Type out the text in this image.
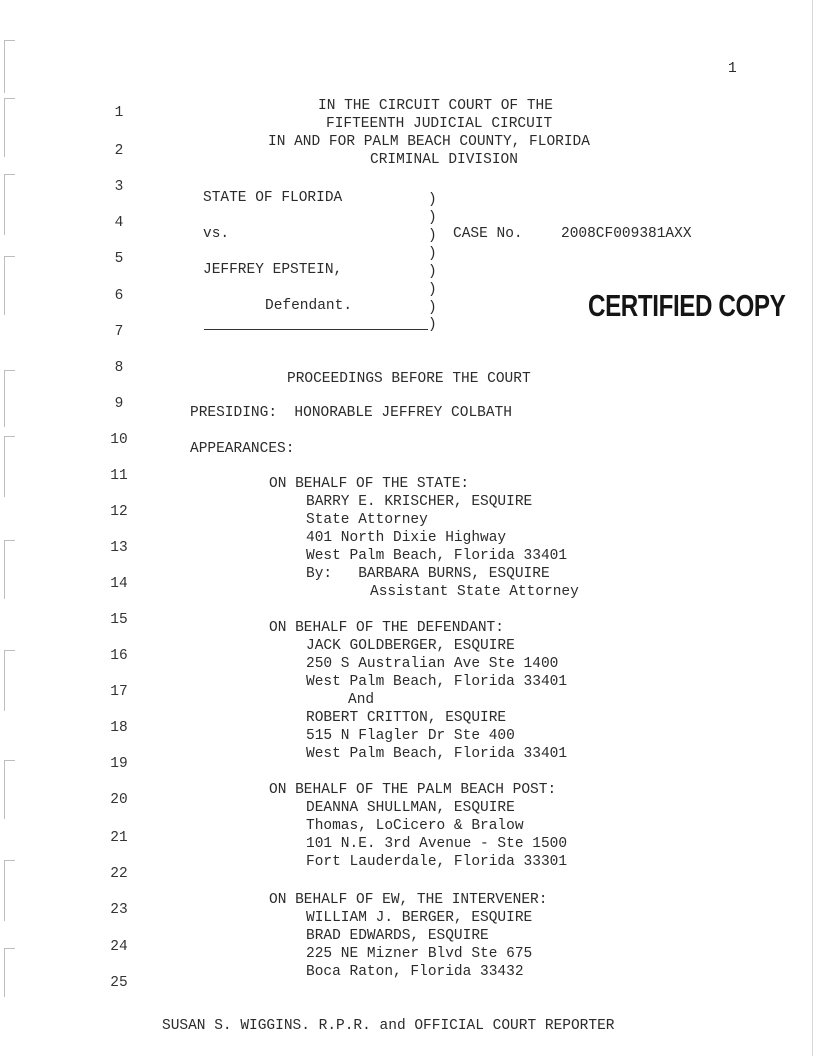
1
1
2
3
4
5
6
7
8
9
10
11
12
13
14
15
16
17
18
19
20
21
22
23
24
25
IN THE CIRCUIT COURT OF THE
FIFTEENTH JUDICIAL CIRCUIT
IN AND FOR PALM BEACH COUNTY, FLORIDA
CRIMINAL DIVISION
STATE OF FLORIDA
vs.
JEFFREY EPSTEIN,
Defendant.
)
)
)
)
)
)
)
)
CASE No.	2008CF009381AXX
CERTIFIED COPY
PROCEEDINGS BEFORE THE COURT
PRESIDING:  HONORABLE JEFFREY COLBATH
APPEARANCES:
ON BEHALF OF THE STATE:
BARRY E. KRISCHER, ESQUIRE
State Attorney
401 North Dixie Highway
West Palm Beach, Florida 33401
By:   BARBARA BURNS, ESQUIRE
Assistant State Attorney
ON BEHALF OF THE DEFENDANT:
JACK GOLDBERGER, ESQUIRE
250 S Australian Ave Ste 1400
West Palm Beach, Florida 33401
And
ROBERT CRITTON, ESQUIRE
515 N Flagler Dr Ste 400
West Palm Beach, Florida 33401
ON BEHALF OF THE PALM BEACH POST:
DEANNA SHULLMAN, ESQUIRE
Thomas, LoCicero & Bralow
101 N.E. 3rd Avenue - Ste 1500
Fort Lauderdale, Florida 33301
ON BEHALF OF EW, THE INTERVENER:
WILLIAM J. BERGER, ESQUIRE
BRAD EDWARDS, ESQUIRE
225 NE Mizner Blvd Ste 675
Boca Raton, Florida 33432
SUSAN S. WIGGINS. R.P.R. and OFFICIAL COURT REPORTER
